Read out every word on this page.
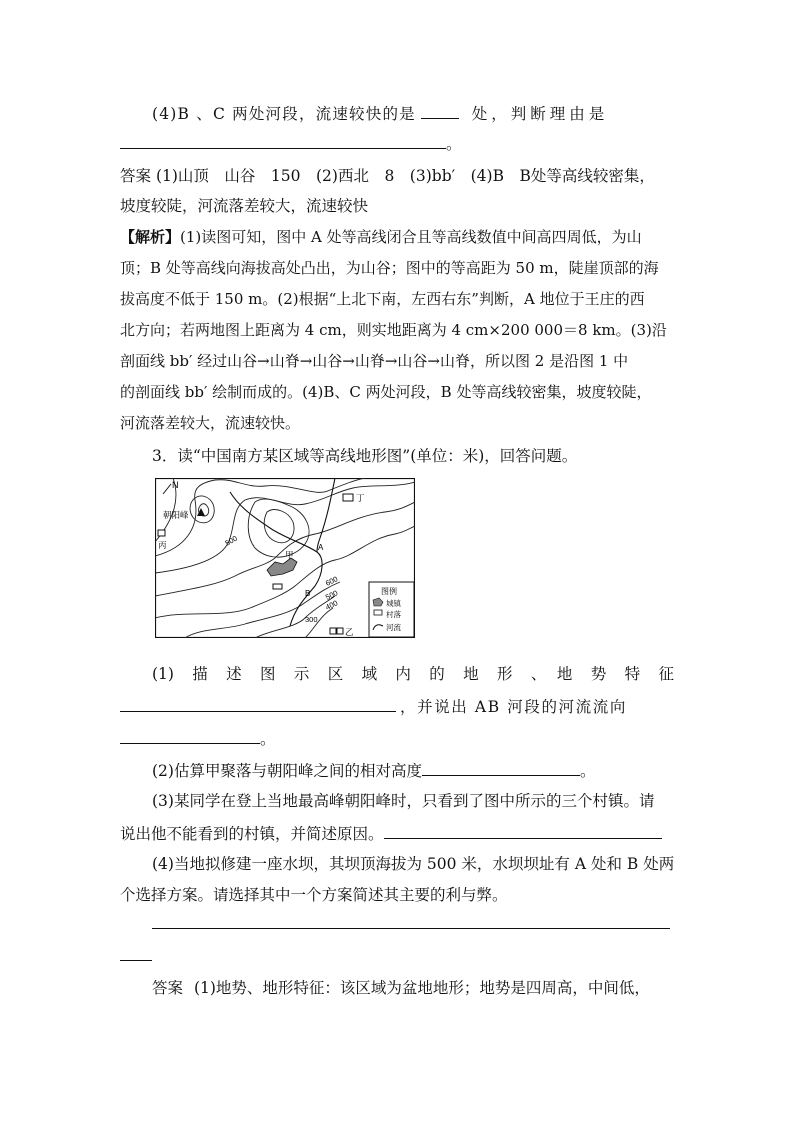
(4)B 、C 两处河段，流速较快的是	处，判断理由是
。
答案 (1)山顶　山谷　150　(2)西北　8　(3)bb′　(4)B　B处等高线较密集，
坡度较陡，河流落差较大，流速较快
【解析】(1)读图可知，图中 A 处等高线闭合且等高线数值中间高四周低，为山
顶；B 处等高线向海拔高处凸出，为山谷；图中的等高距为 50 m，陡崖顶部的海
拔高度不低于 150 m。(2)根据“上北下南，左西右东”判断，A 地位于王庄的西
北方向；若两地图上距离为 4 cm，则实地距离为 4 cm×200 000＝8 km。(3)沿
剖面线 bb′ 经过山谷→山脊→山谷→山脊→山谷→山脊，所以图 2 是沿图 1 中
的剖面线 bb′ 绘制而成的。(4)B、C 两处河段，B 处等高线较密集，坡度较陡，
河流落差较大，流速较快。
3．读“中国南方某区域等高线地形图”(单位：米)，回答问题。
N
朝阳峰
丙
丁
甲
乙
A
B
500
600
500
400
300
图例
城镇
村落
河流
(1)　描　述　图　示　区　域　内　的　地　形　、　地　势　特　征
，并说出 AB 河段的河流流向
。
(2)估算甲聚落与朝阳峰之间的相对高度	。
(3)某同学在登上当地最高峰朝阳峰时，只看到了图中所示的三个村镇。请
说出他不能看到的村镇，并简述原因。
(4)当地拟修建一座水坝，其坝顶海拔为 500 米，水坝坝址有 A 处和 B 处两
个选择方案。请选择其中一个方案简述其主要的利与弊。
答案 (1)地势、地形特征：该区域为盆地地形；地势是四周高，中间低，
